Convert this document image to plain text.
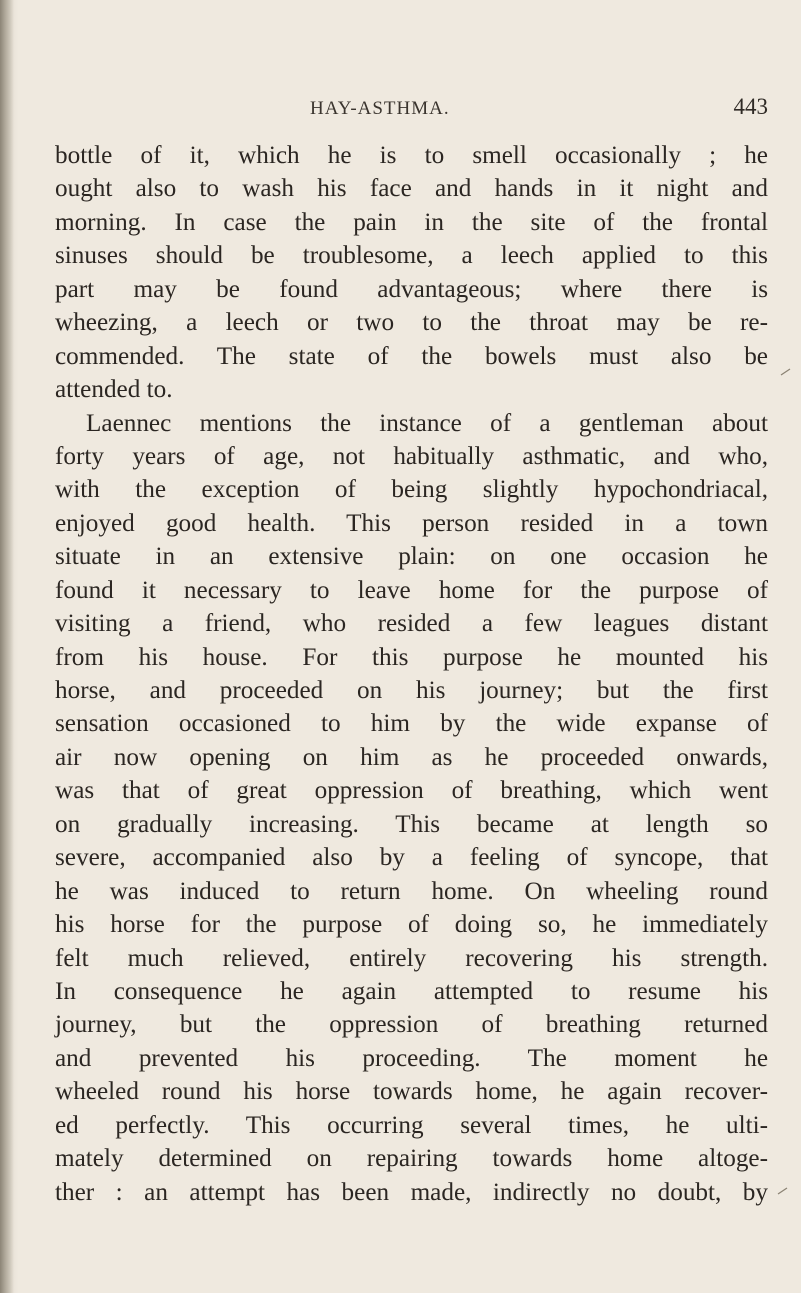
HAY-ASTHMA.	443
bottle of it, which he is to smell occasionally ; he
ought also to wash his face and hands in it night and
morning. In case the pain in the site of the frontal
sinuses should be troublesome, a leech applied to this
part may be found advantageous; where there is
wheezing, a leech or two to the throat may be re-
commended. The state of the bowels must also be
attended to.
Laennec mentions the instance of a gentleman about
forty years of age, not habitually asthmatic, and who,
with the exception of being slightly hypochondriacal,
enjoyed good health. This person resided in a town
situate in an extensive plain: on one occasion he
found it necessary to leave home for the purpose of
visiting a friend, who resided a few leagues distant
from his house. For this purpose he mounted his
horse, and proceeded on his journey; but the first
sensation occasioned to him by the wide expanse of
air now opening on him as he proceeded onwards,
was that of great oppression of breathing, which went
on gradually increasing. This became at length so
severe, accompanied also by a feeling of syncope, that
he was induced to return home. On wheeling round
his horse for the purpose of doing so, he immediately
felt much relieved, entirely recovering his strength.
In consequence he again attempted to resume his
journey, but the oppression of breathing returned
and prevented his proceeding. The moment he
wheeled round his horse towards home, he again recover-
ed perfectly. This occurring several times, he ulti-
mately determined on repairing towards home altoge-
ther : an attempt has been made, indirectly no doubt, by
